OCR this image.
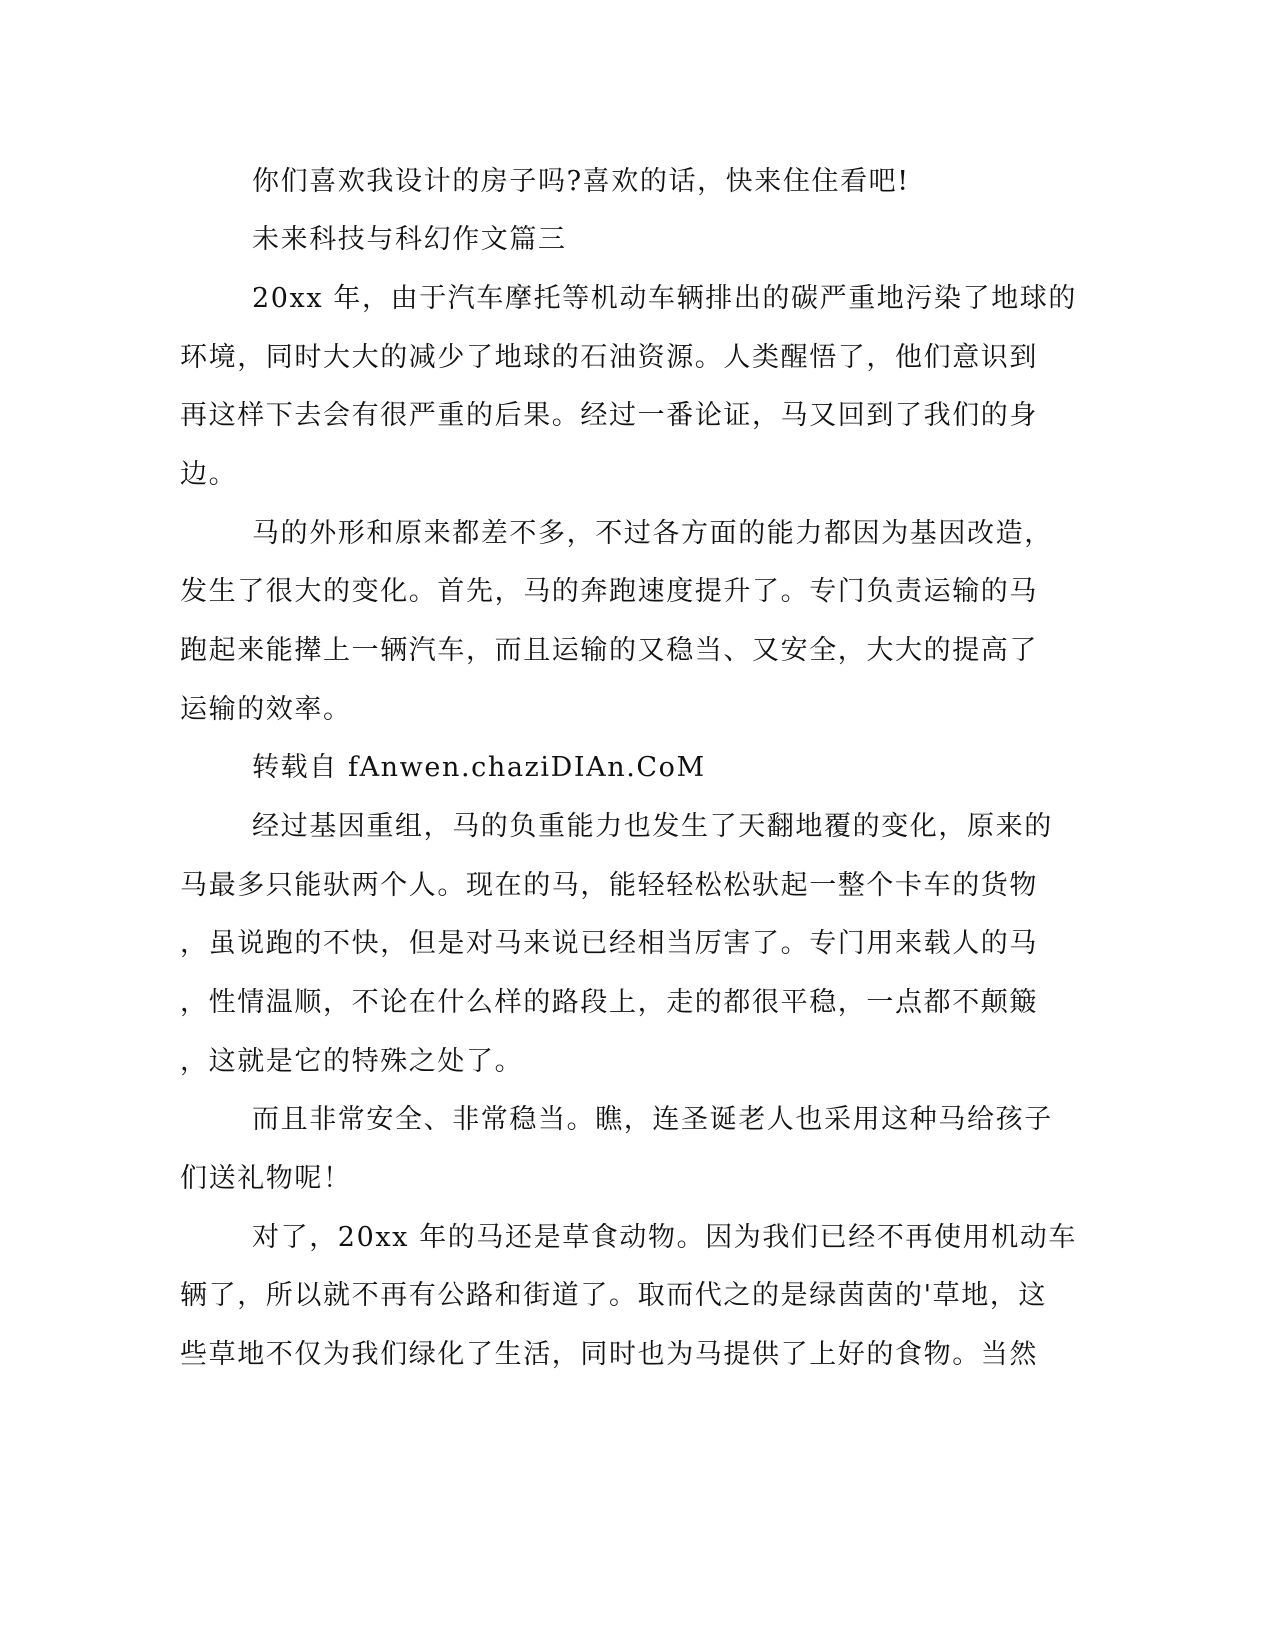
你们喜欢我设计的房子吗?喜欢的话，快来住住看吧!
未来科技与科幻作文篇三
20xx 年，由于汽车摩托等机动车辆排出的碳严重地污染了地球的
环境，同时大大的减少了地球的石油资源。人类醒悟了，他们意识到
再这样下去会有很严重的后果。经过一番论证，马又回到了我们的身
边。
马的外形和原来都差不多，不过各方面的能力都因为基因改造，
发生了很大的变化。首先，马的奔跑速度提升了。专门负责运输的马
跑起来能撵上一辆汽车，而且运输的又稳当、又安全，大大的提高了
运输的效率。
转载自 fAnwen.chaziDIAn.CoM
经过基因重组，马的负重能力也发生了天翻地覆的变化，原来的
马最多只能驮两个人。现在的马，能轻轻松松驮起一整个卡车的货物
，虽说跑的不快，但是对马来说已经相当厉害了。专门用来载人的马
，性情温顺，不论在什么样的路段上，走的都很平稳，一点都不颠簸
，这就是它的特殊之处了。
而且非常安全、非常稳当。瞧，连圣诞老人也采用这种马给孩子
们送礼物呢！
对了，20xx 年的马还是草食动物。因为我们已经不再使用机动车
辆了，所以就不再有公路和街道了。取而代之的是绿茵茵的'草地，这
些草地不仅为我们绿化了生活，同时也为马提供了上好的食物。当然
